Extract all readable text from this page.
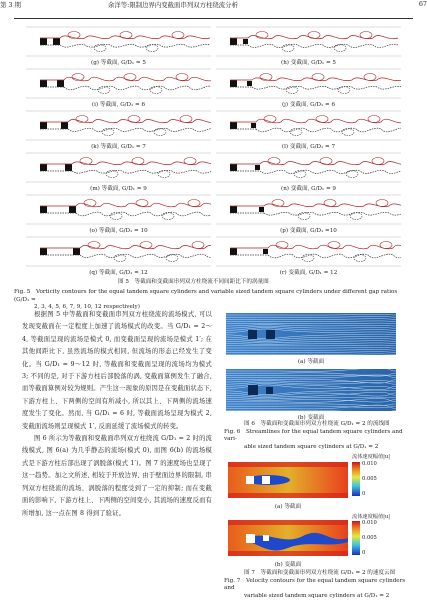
第 3 期	余洋等:限制边界内变截面串列双方柱绕流分析	67
(g) 等截面, G/D₁ = 5	(h) 变截面, G/D₁ = 5
(i) 等截面, G/D₁ = 6	(j) 变截面, G/D₁ = 6
(k) 等截面, G/D₁ = 7	(l) 变截面, G/D₁ = 7
(m) 等截面, G/D₁ = 9	(n) 变截面, G/D₁ = 9
(o) 等截面, G/D₁ = 10	(p) 变截面, G/D₁ =10
(q) 等截面, G/D₁ = 12	(r) 变截面, G/D₁ = 12
图 5　等截面和变截面串列双方柱绕流不同间距比下的涡量图
Fig. 5　Vorticity contours for the equal tandem square cylinders and variable sized tandem square cylinders under different gap ratios (G/D₁ =
2, 3, 4, 5, 6, 7, 9, 10, 12 respectively)

根据图 5 中等截面和变截面串列双方柱绕流的流场模式, 可以发现变截面在一定程度上加速了流场模式的改变。当 G/D₁ = 2～4, 等截面呈现的流场是模式 0, 而变截面呈现的流场是模式 1′; 在其他间距比下, 虽然流场的模式相同, 但流场的形态已经发生了变化。当 G/D₁ = 9～12 时, 等截面和变截面呈现的流场均为模式 3; 不同的是, 对于下游方柱后部脱落的涡, 变截面算例发生了融合, 而等截面算例对较为规则。产生这一现象的原因是在变截面状态下, 下游方柱上、下两侧的空间有所减小, 所以其上、下两侧的流场速度发生了变化。然而, 当 G/D₁ = 6 时, 等截面流场呈现为模式 2, 变截面流场则呈现模式 1′, 反面延缓了流场模式的转变。

图 6 所示为等截面和变截面串列双方柱绕流 G/D₁ = 2 时的流线模式, 图 6(a) 为几乎静态的流场(模式 0), 而图 6(b) 的流场模式是下游方柱后部出现了涡脱落(模式 1′)。图 7 的速度场也呈现了这一趋势。加之文所述, 相较于开放边界, 由于壁面边界的限制, 串列双方柱绕流的流场、涡脱落的程度受到了一定的抑制; 而在变截面的影响下, 下游方柱上、下两侧的空间变小, 其流场的速度反而有所增加, 这一点在图 8 得到了验证。

(a) 等截面
(b) 变截面
图 6　等截面和变截面串列双方柱绕流 G/D₁ = 2 的流线图
Fig. 6　Streamlines for the equal tandem square cylinders and vari-
able sized tandem square cylinders at G/D₁ = 2
流体速度幅值|u|
0.010
0.005
0
(a) 等截面
流体速度幅值|u|
0.010
0.005
0
(b) 变截面
图 7　等截面和变截面串列双方柱绕流 G/D₁ = 2 的速度云图
Fig. 7　Velocity contours for the equal tandem square cylinders and
variable sized tandem square cylinders at G/D₁ = 2
